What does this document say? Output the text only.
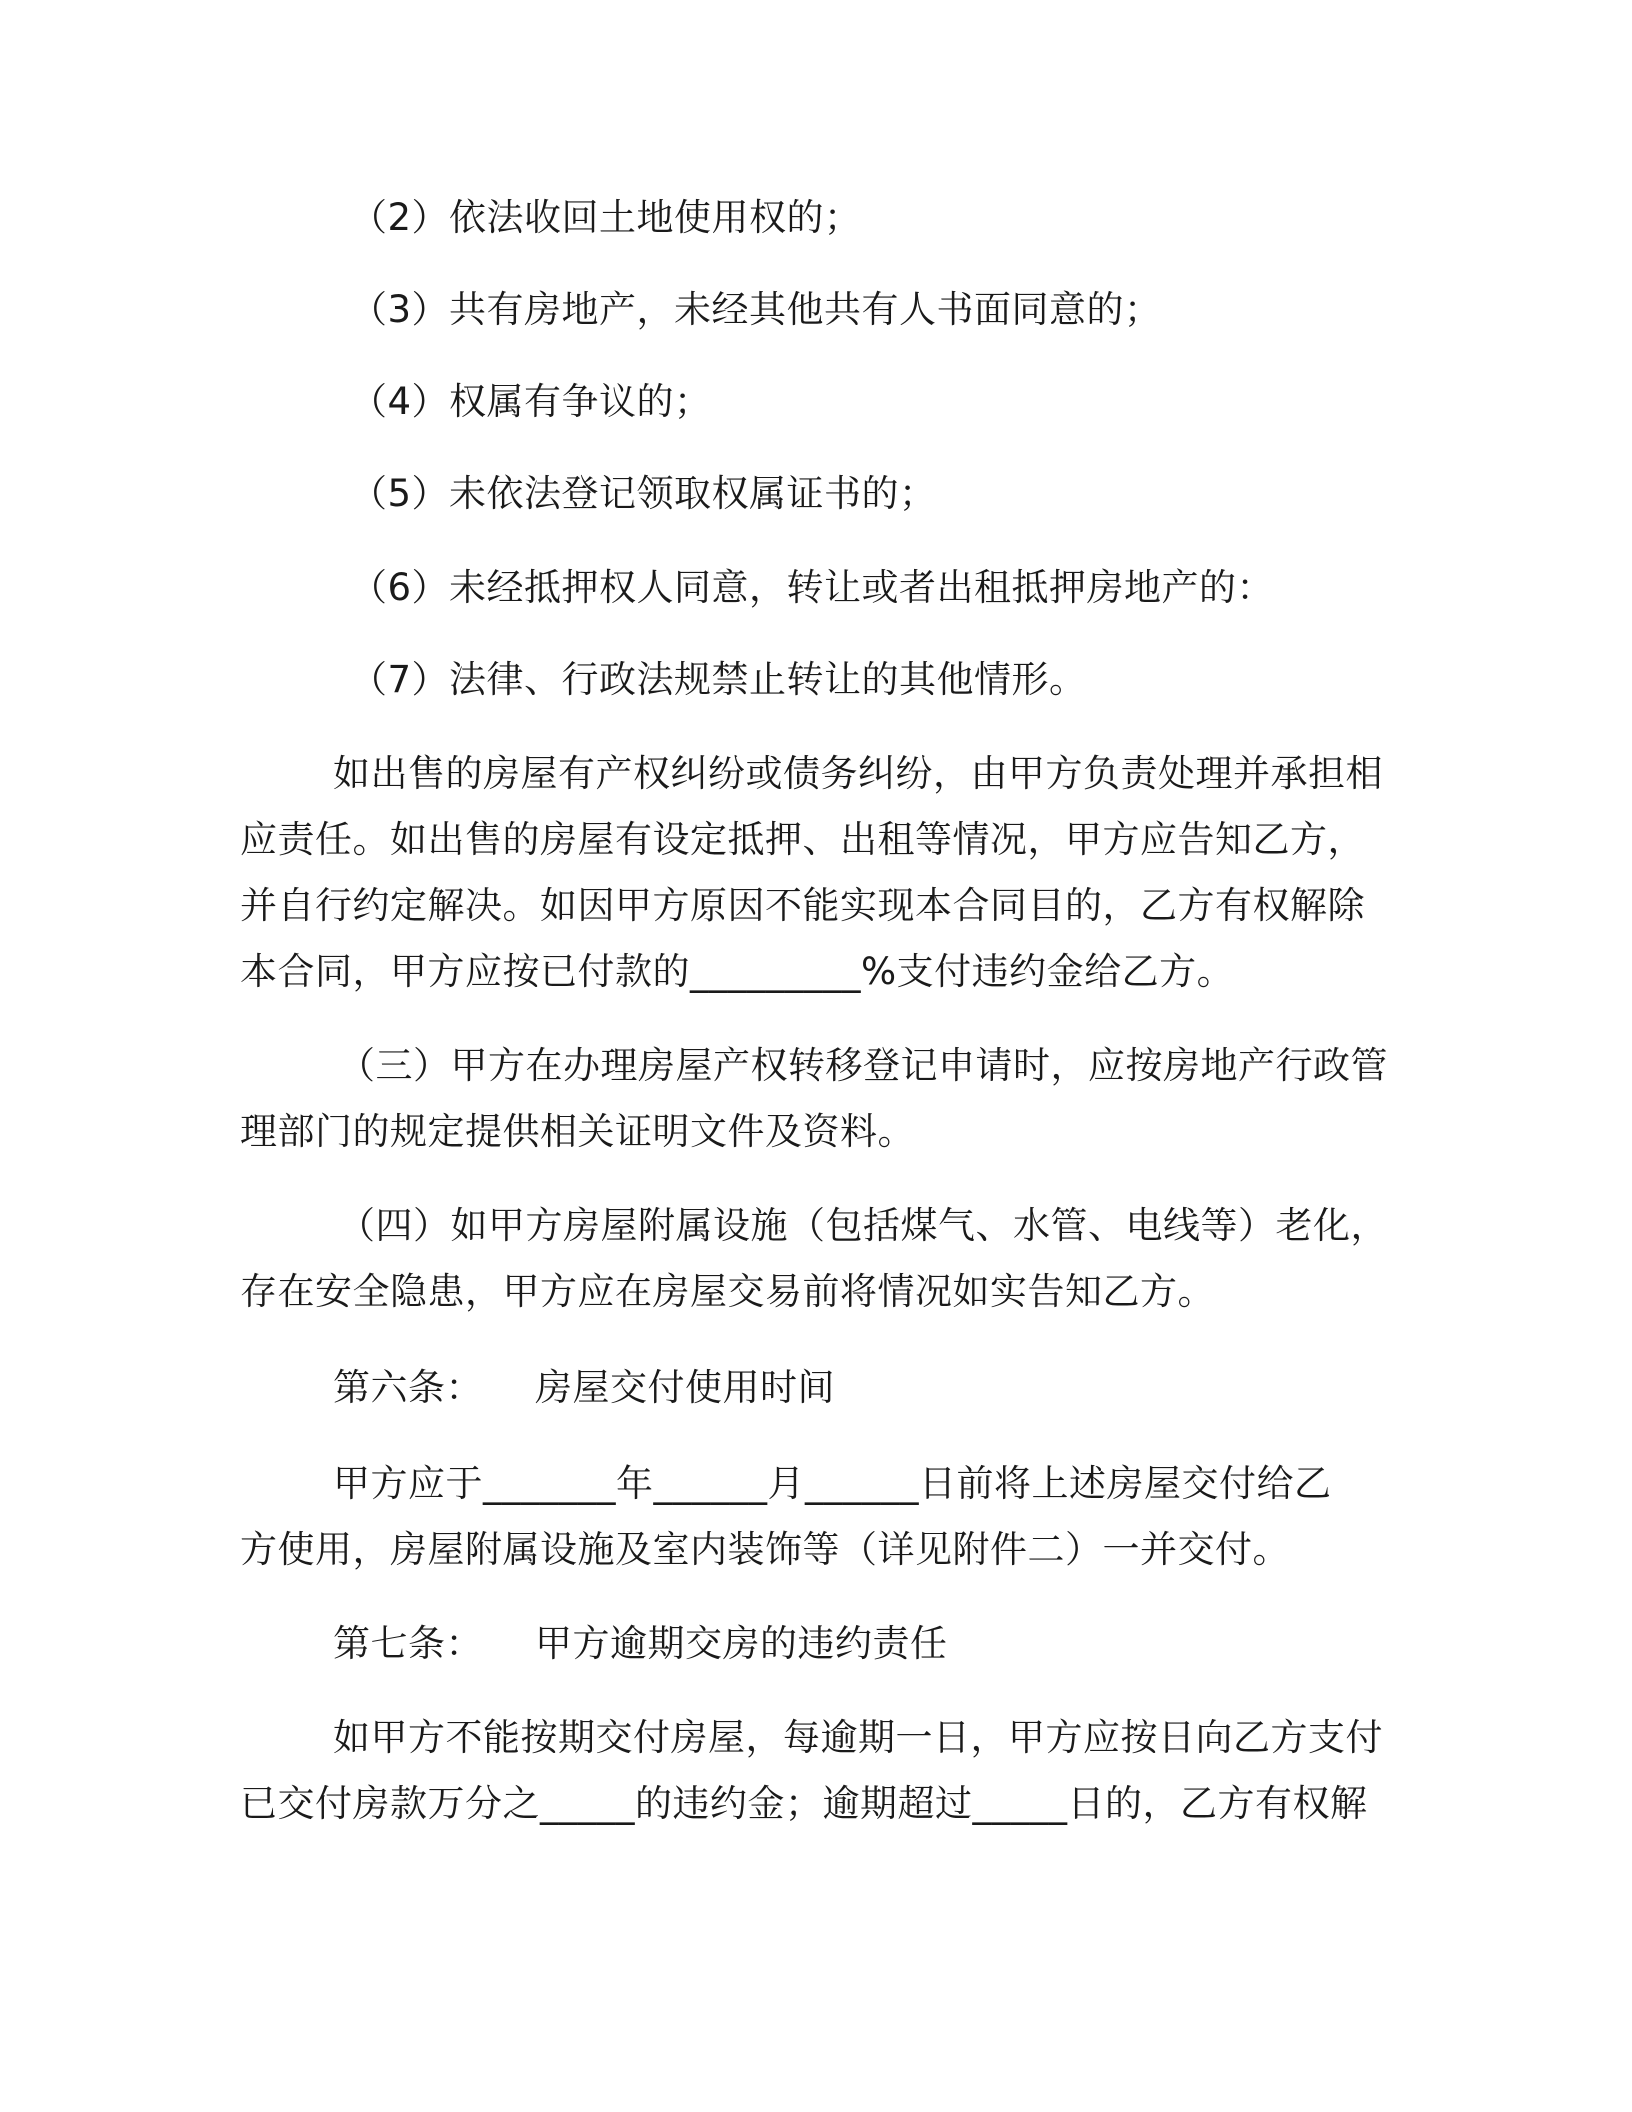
（2）依法收回土地使用权的；
（3）共有房地产，未经其他共有人书面同意的；
（4）权属有争议的；
（5）未依法登记领取权属证书的；
（6）未经抵押权人同意，转让或者出租抵押房地产的：
（7）法律、行政法规禁止转让的其他情形。
如出售的房屋有产权纠纷或债务纠纷，由甲方负责处理并承担相
应责任。如出售的房屋有设定抵押、出租等情况，甲方应告知乙方，
并自行约定解决。如因甲方原因不能实现本合同目的，乙方有权解除
本合同，甲方应按已付款的_________%支付违约金给乙方。
（三）甲方在办理房屋产权转移登记申请时，应按房地产行政管
理部门的规定提供相关证明文件及资料。
（四）如甲方房屋附属设施（包括煤气、水管、电线等）老化，
存在安全隐患，甲方应在房屋交易前将情况如实告知乙方。
第六条： 房屋交付使用时间
甲方应于_______年______月______日前将上述房屋交付给乙
方使用，房屋附属设施及室内装饰等（详见附件二）一并交付。
第七条： 甲方逾期交房的违约责任
如甲方不能按期交付房屋，每逾期一日，甲方应按日向乙方支付
已交付房款万分之_____的违约金；逾期超过_____日的，乙方有权解
